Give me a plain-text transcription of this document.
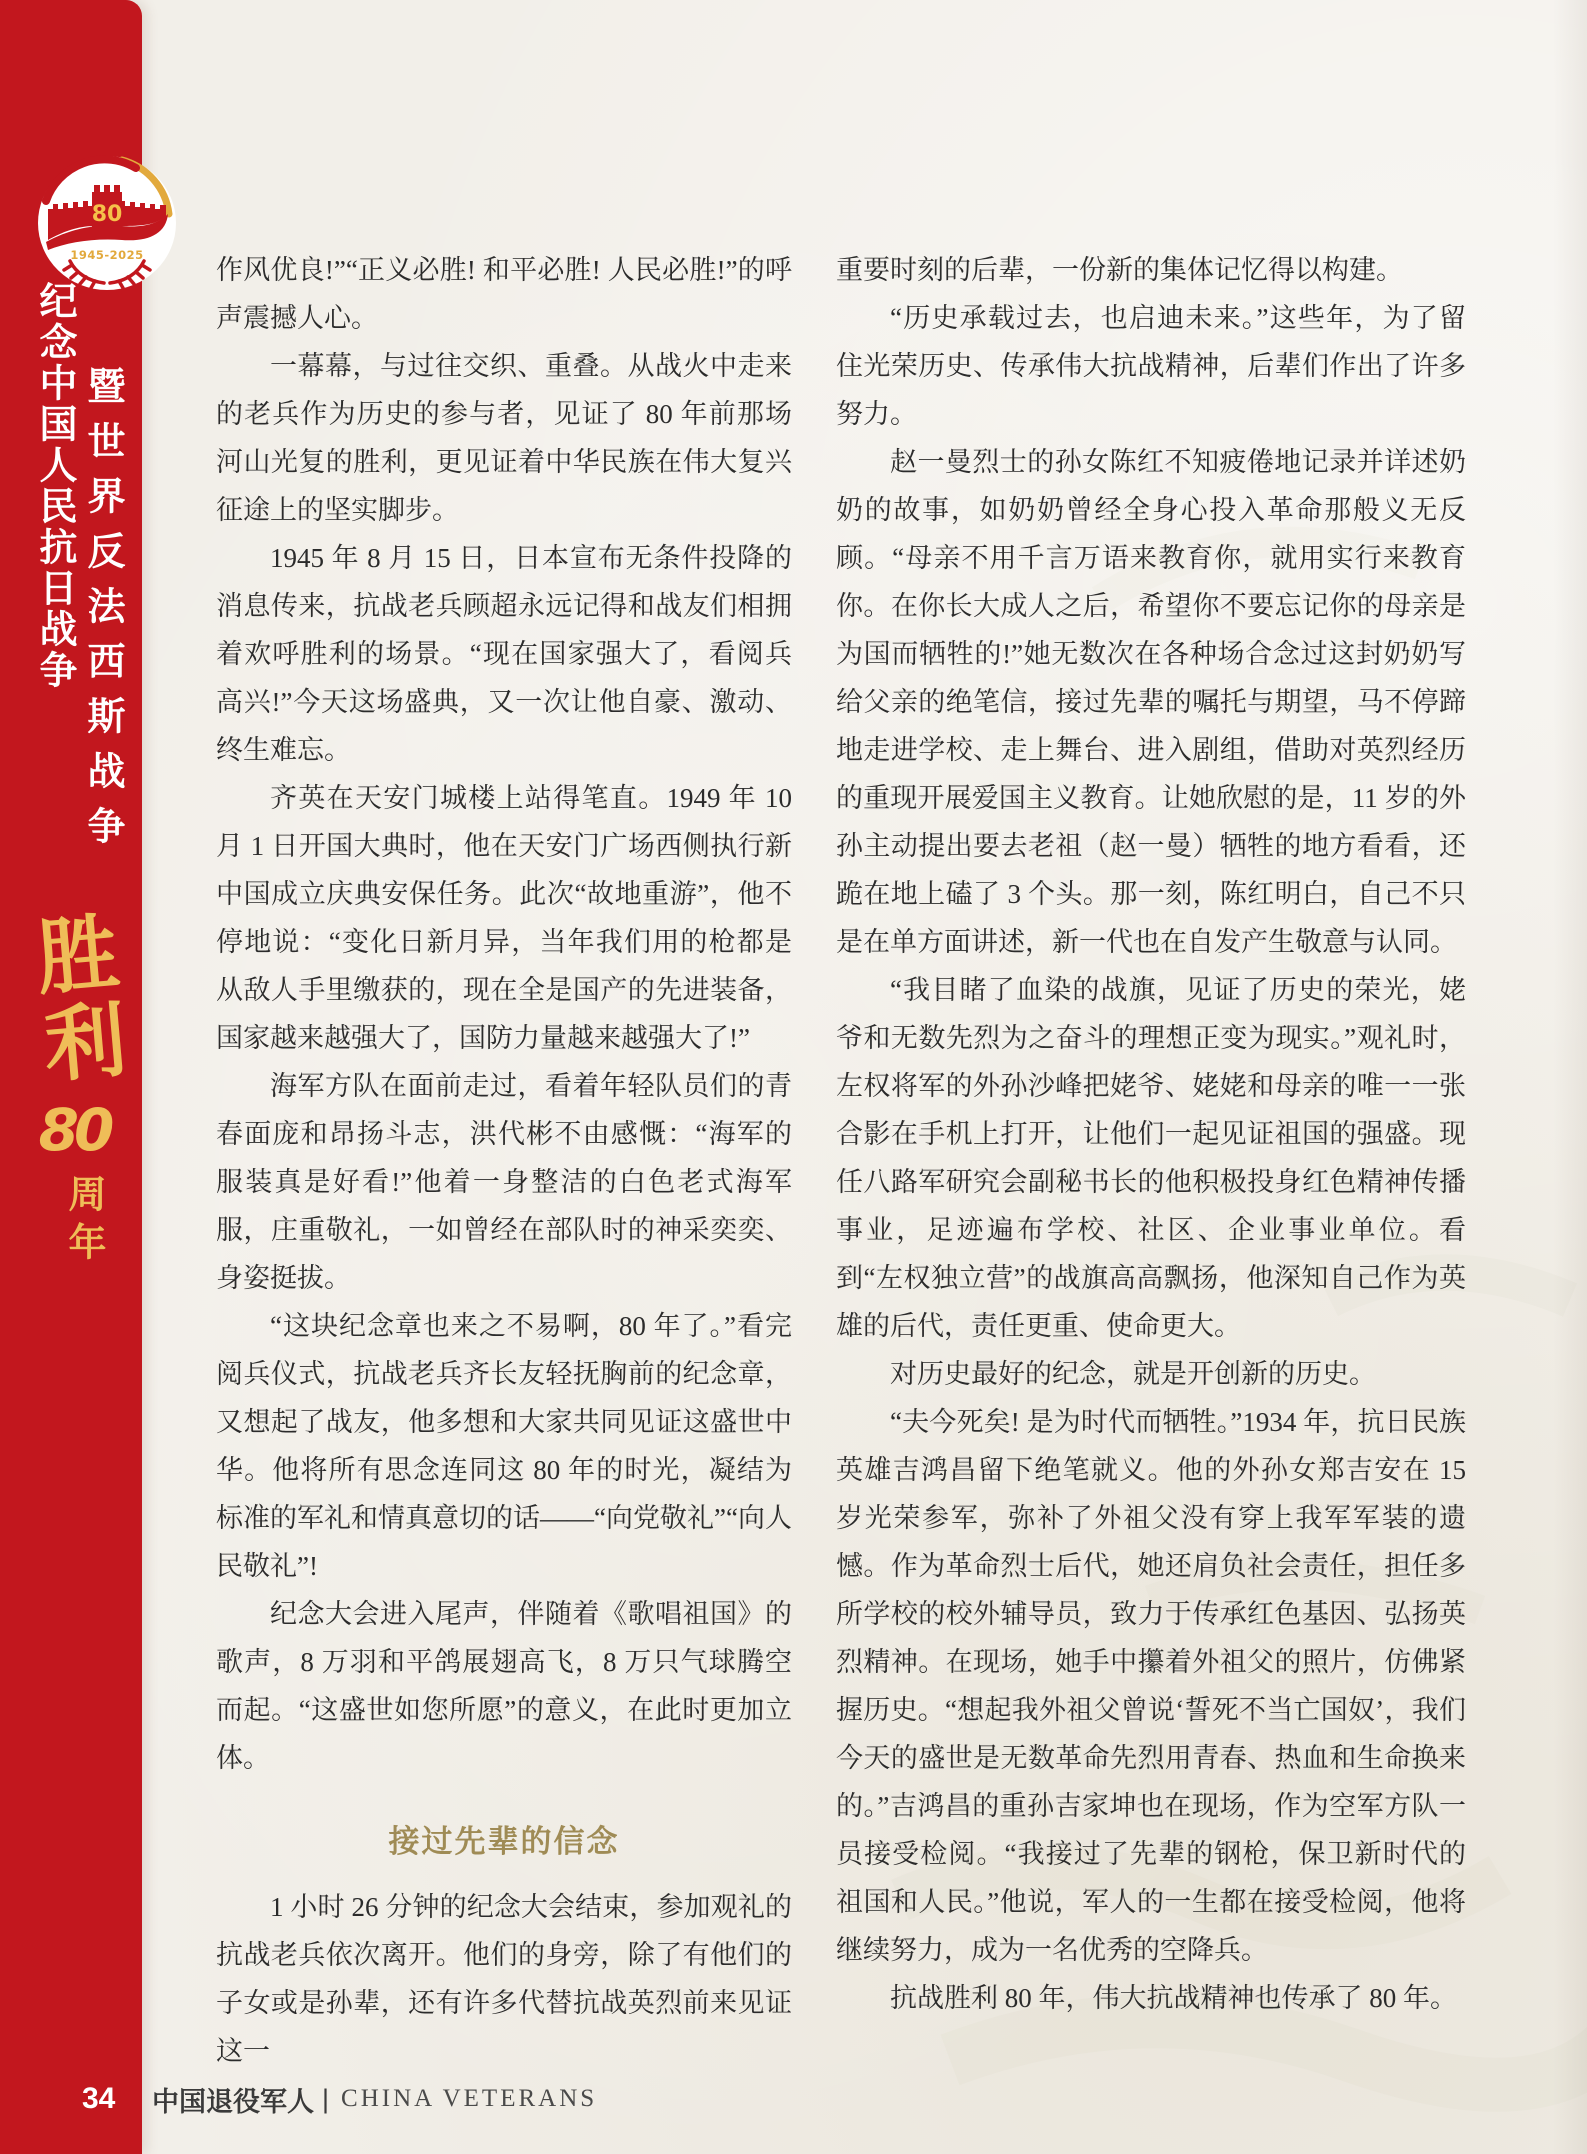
80
1945-2025
纪念中国人民抗日战争 暨世界反法西斯战争
胜利
80
周年

作风优良!”“正义必胜! 和平必胜! 人民必胜!”的呼声震撼人心。

一幕幕，与过往交织、重叠。从战火中走来的老兵作为历史的参与者，见证了 80 年前那场河山光复的胜利，更见证着中华民族在伟大复兴征途上的坚实脚步。

1945 年 8 月 15 日，日本宣布无条件投降的消息传来，抗战老兵顾超永远记得和战友们相拥着欢呼胜利的场景。“现在国家强大了，看阅兵高兴!”今天这场盛典，又一次让他自豪、激动、终生难忘。

齐英在天安门城楼上站得笔直。1949 年 10 月 1 日开国大典时，他在天安门广场西侧执行新中国成立庆典安保任务。此次“故地重游”，他不停地说：“变化日新月异，当年我们用的枪都是从敌人手里缴获的，现在全是国产的先进装备，国家越来越强大了，国防力量越来越强大了!”

海军方队在面前走过，看着年轻队员们的青春面庞和昂扬斗志，洪代彬不由感慨：“海军的服装真是好看!”他着一身整洁的白色老式海军服，庄重敬礼，一如曾经在部队时的神采奕奕、身姿挺拔。

“这块纪念章也来之不易啊，80 年了。”看完阅兵仪式，抗战老兵齐长友轻抚胸前的纪念章，又想起了战友，他多想和大家共同见证这盛世中华。他将所有思念连同这 80 年的时光，凝结为标准的军礼和情真意切的话——“向党敬礼”“向人民敬礼”!

纪念大会进入尾声，伴随着《歌唱祖国》的歌声，8 万羽和平鸽展翅高飞，8 万只气球腾空而起。“这盛世如您所愿”的意义，在此时更加立体。

接过先辈的信念

1 小时 26 分钟的纪念大会结束，参加观礼的抗战老兵依次离开。他们的身旁，除了有他们的子女或是孙辈，还有许多代替抗战英烈前来见证这一

重要时刻的后辈，一份新的集体记忆得以构建。

“历史承载过去，也启迪未来。”这些年，为了留住光荣历史、传承伟大抗战精神，后辈们作出了许多努力。

赵一曼烈士的孙女陈红不知疲倦地记录并详述奶奶的故事，如奶奶曾经全身心投入革命那般义无反顾。“母亲不用千言万语来教育你，就用实行来教育你。在你长大成人之后，希望你不要忘记你的母亲是为国而牺牲的!”她无数次在各种场合念过这封奶奶写给父亲的绝笔信，接过先辈的嘱托与期望，马不停蹄地走进学校、走上舞台、进入剧组，借助对英烈经历的重现开展爱国主义教育。让她欣慰的是，11 岁的外孙主动提出要去老祖（赵一曼）牺牲的地方看看，还跪在地上磕了 3 个头。那一刻，陈红明白，自己不只是在单方面讲述，新一代也在自发产生敬意与认同。

“我目睹了血染的战旗，见证了历史的荣光，姥爷和无数先烈为之奋斗的理想正变为现实。”观礼时，左权将军的外孙沙峰把姥爷、姥姥和母亲的唯一一张合影在手机上打开，让他们一起见证祖国的强盛。现任八路军研究会副秘书长的他积极投身红色精神传播事业，足迹遍布学校、社区、企业事业单位。看到“左权独立营”的战旗高高飘扬，他深知自己作为英雄的后代，责任更重、使命更大。

对历史最好的纪念，就是开创新的历史。

“夫今死矣! 是为时代而牺牲。”1934 年，抗日民族英雄吉鸿昌留下绝笔就义。他的外孙女郑吉安在 15 岁光荣参军，弥补了外祖父没有穿上我军军装的遗憾。作为革命烈士后代，她还肩负社会责任，担任多所学校的校外辅导员，致力于传承红色基因、弘扬英烈精神。在现场，她手中攥着外祖父的照片，仿佛紧握历史。“想起我外祖父曾说‘誓死不当亡国奴’，我们今天的盛世是无数革命先烈用青春、热血和生命换来的。”吉鸿昌的重孙吉家坤也在现场，作为空军方队一员接受检阅。“我接过了先辈的钢枪，保卫新时代的祖国和人民。”他说，军人的一生都在接受检阅，他将继续努力，成为一名优秀的空降兵。

抗战胜利 80 年，伟大抗战精神也传承了 80 年。

34	中国退役军人 | CHINA VETERANS
